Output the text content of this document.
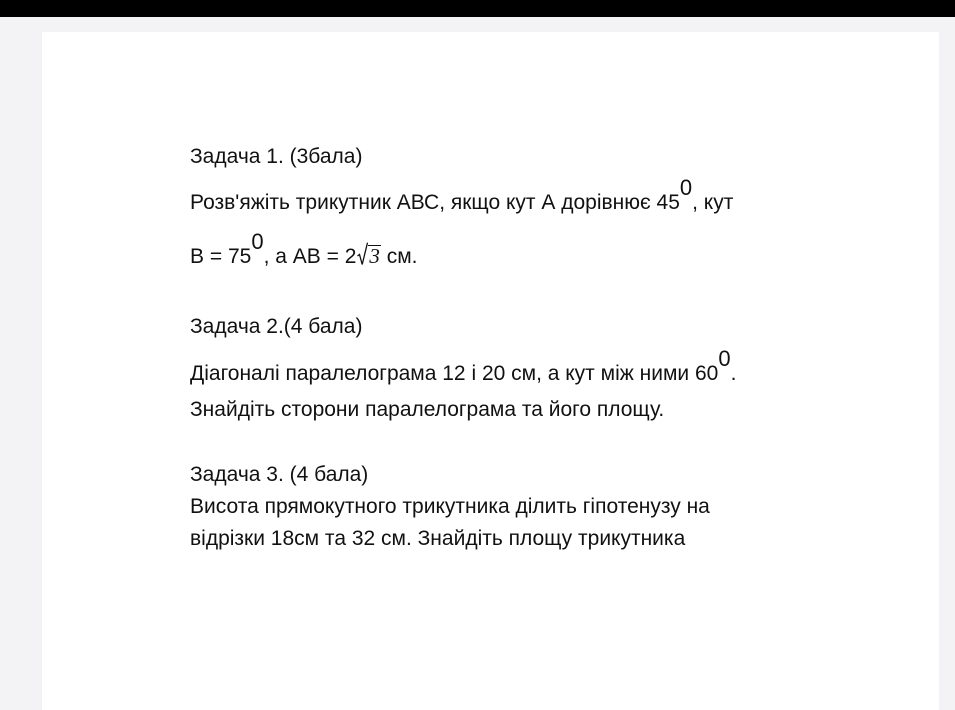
Задача 1. (3бала)
Розв'яжіть трикутник АВС, якщо кут А дорівнює 450, кут
В = 750, а АВ = 2 3 см.
Задача 2.(4 бала)
Діагоналі паралелограма 12 і 20 см, а кут між ними 600.
Знайдіть сторони паралелограма та його площу.
Задача 3. (4 бала)
Висота прямокутного трикутника ділить гіпотенузу на
відрізки 18см та 32 см. Знайдіть площу трикутника
